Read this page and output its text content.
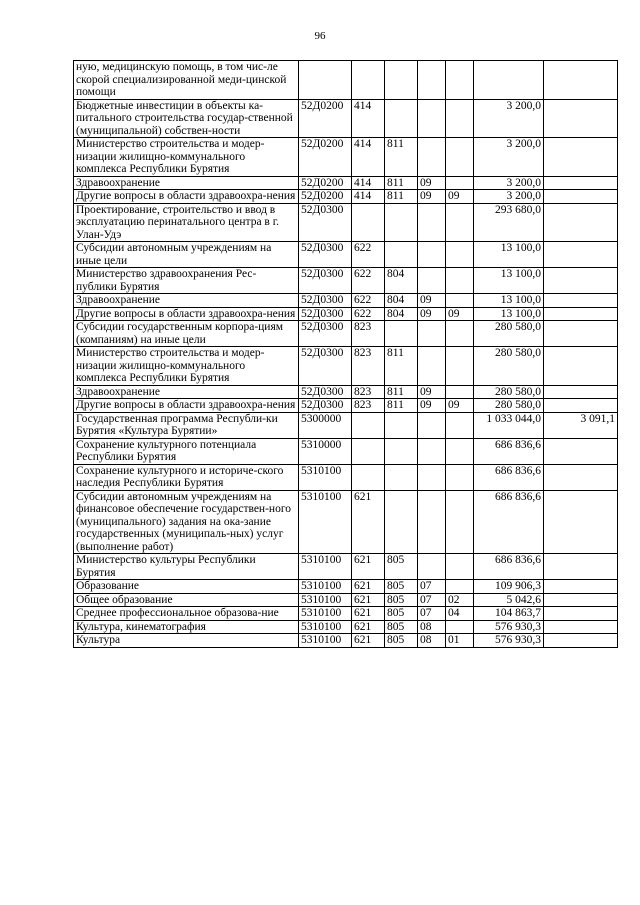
96
ную, медицинскую помощь, в том чис-ле скорой специализированной меди-цинской помощи							
Бюджетные инвестиции в объекты ка-питального строительства государ-ственной (муниципальной) собствен-ности	52Д0200	414				3 200,0	
Министерство строительства и модер-низации жилищно-коммунального комплекса Республики Бурятия	52Д0200	414	811			3 200,0	
Здравоохранение	52Д0200	414	811	09		3 200,0	
Другие вопросы в области здравоохра-нения	52Д0200	414	811	09	09	3 200,0	
Проектирование, строительство и ввод в эксплуатацию перинатального центра в г. Улан-Удэ	52Д0300					293 680,0	
Субсидии автономным учреждениям на иные цели	52Д0300	622				13 100,0	
Министерство здравоохранения Рес-публики Бурятия	52Д0300	622	804			13 100,0	
Здравоохранение	52Д0300	622	804	09		13 100,0	
Другие вопросы в области здравоохра-нения	52Д0300	622	804	09	09	13 100,0	
Субсидии государственным корпора-циям (компаниям) на иные цели	52Д0300	823				280 580,0	
Министерство строительства и модер-низации жилищно-коммунального комплекса Республики Бурятия	52Д0300	823	811			280 580,0	
Здравоохранение	52Д0300	823	811	09		280 580,0	
Другие вопросы в области здравоохра-нения	52Д0300	823	811	09	09	280 580,0	
Государственная программа Республи-ки Бурятия «Культура Бурятии»	5300000					1 033 044,0	3 091,1
Сохранение культурного потенциала Республики Бурятия	5310000					686 836,6	
Сохранение культурного и историче-ского наследия Республики Бурятия	5310100					686 836,6	
Субсидии автономным учреждениям на финансовое обеспечение государствен-ного (муниципального) задания на ока-зание государственных (муниципаль-ных) услуг (выполнение работ)	5310100	621				686 836,6	
Министерство культуры Республики Бурятия	5310100	621	805			686 836,6	
Образование	5310100	621	805	07		109 906,3	
Общее образование	5310100	621	805	07	02	5 042,6	
Среднее профессиональное образова-ние	5310100	621	805	07	04	104 863,7	
Культура, кинематография	5310100	621	805	08		576 930,3	
Культура	5310100	621	805	08	01	576 930,3	
